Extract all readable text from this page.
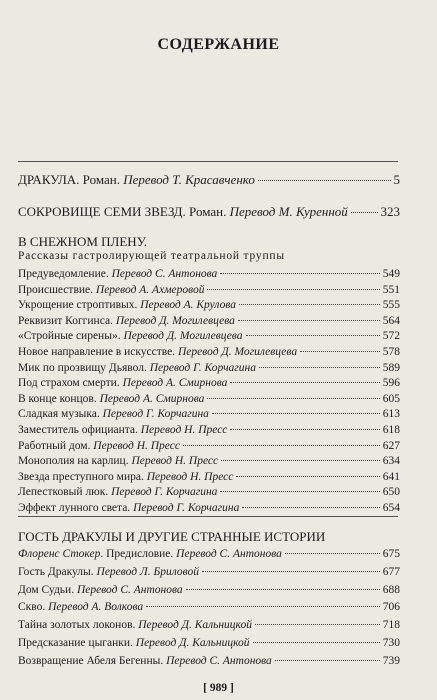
СОДЕРЖАНИЕ
ДРАКУЛА. Роман. Перевод Т. Красавченко	5
СОКРОВИЩЕ СЕМИ ЗВЕЗД. Роман. Перевод М. Куренной	323
В СНЕЖНОМ ПЛЕНУ.
Рассказы гастролирующей театральной труппы
Предуведомление. Перевод С. Антонова	549
Происшествие. Перевод А. Ахмеровой	551
Укрощение строптивых. Перевод А. Крулова	555
Реквизит Коггинса. Перевод Д. Могилевцева	564
«Стройные сирены». Перевод Д. Могилевцева	572
Новое направление в искусстве. Перевод Д. Могилевцева	578
Мик по прозвищу Дьявол. Перевод Г. Корчагина	589
Под страхом смерти. Перевод А. Смирнова	596
В конце концов. Перевод А. Смирнова	605
Сладкая музыка. Перевод Г. Корчагина	613
Заместитель официанта. Перевод Н. Пресс	618
Работный дом. Перевод Н. Пресс	627
Монополия на карлиц. Перевод Н. Пресс	634
Звезда преступного мира. Перевод Н. Пресс	641
Лепестковый люк. Перевод Г. Корчагина	650
Эффект лунного света. Перевод Г. Корчагина	654
ГОСТЬ ДРАКУЛЫ И ДРУГИЕ СТРАННЫЕ ИСТОРИИ
Флоренс Стокер. Предисловие. Перевод С. Антонова	675
Гость Дракулы. Перевод Л. Бриловой	677
Дом Судьи. Перевод С. Антонова	688
Скво. Перевод А. Волкова	706
Тайна золотых локонов. Перевод Д. Кальницкой	718
Предсказание цыганки. Перевод Д. Кальницкой	730
Возвращение Абеля Бегенны. Перевод С. Антонова	739
[ 989 ]
